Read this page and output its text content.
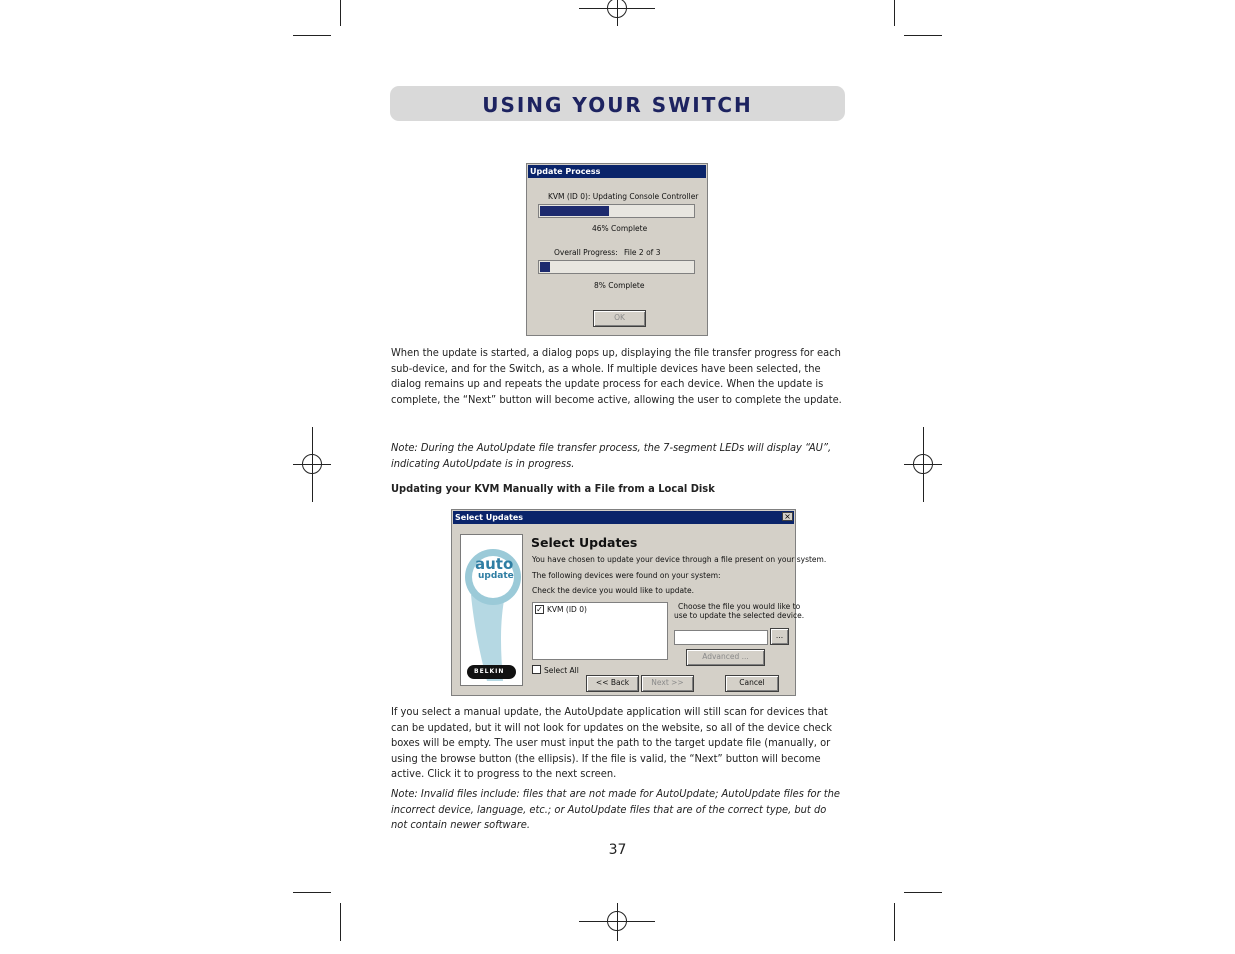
USING YOUR SWITCH
Update Process
KVM (ID 0): Updating Console Controller
46% Complete
Overall Progress: File 2 of 3
8% Complete
OK
When the update is started, a dialog pops up, displaying the file transfer progress for each sub-device, and for the Switch, as a whole. If multiple devices have been selected, the dialog remains up and repeats the update process for each device. When the update is complete, the “Next” button will become active, allowing the user to complete the update.
Note: During the AutoUpdate file transfer process, the 7-segment LEDs will display “AU”, indicating AutoUpdate is in progress.
Updating your KVM Manually with a File from a Local Disk
Select Updates	×
auto
update
BELKIN
Select Updates
You have chosen to update your device through a file present on your system.
The following devices were found on your system:
Check the device you would like to update.
✓ KVM (ID 0)	Choose the file you would like to
use to update the selected device.
...
Advanced ...
Select All
<< Back	Next >>	Cancel
If you select a manual update, the AutoUpdate application will still scan for devices that can be updated, but it will not look for updates on the website, so all of the device check boxes will be empty. The user must input the path to the target update file (manually, or using the browse button (the ellipsis). If the file is valid, the “Next” button will become active. Click it to progress to the next screen.
Note: Invalid files include: files that are not made for AutoUpdate; AutoUpdate files for the incorrect device, language, etc.; or AutoUpdate files that are of the correct type, but do not contain newer software.
37
